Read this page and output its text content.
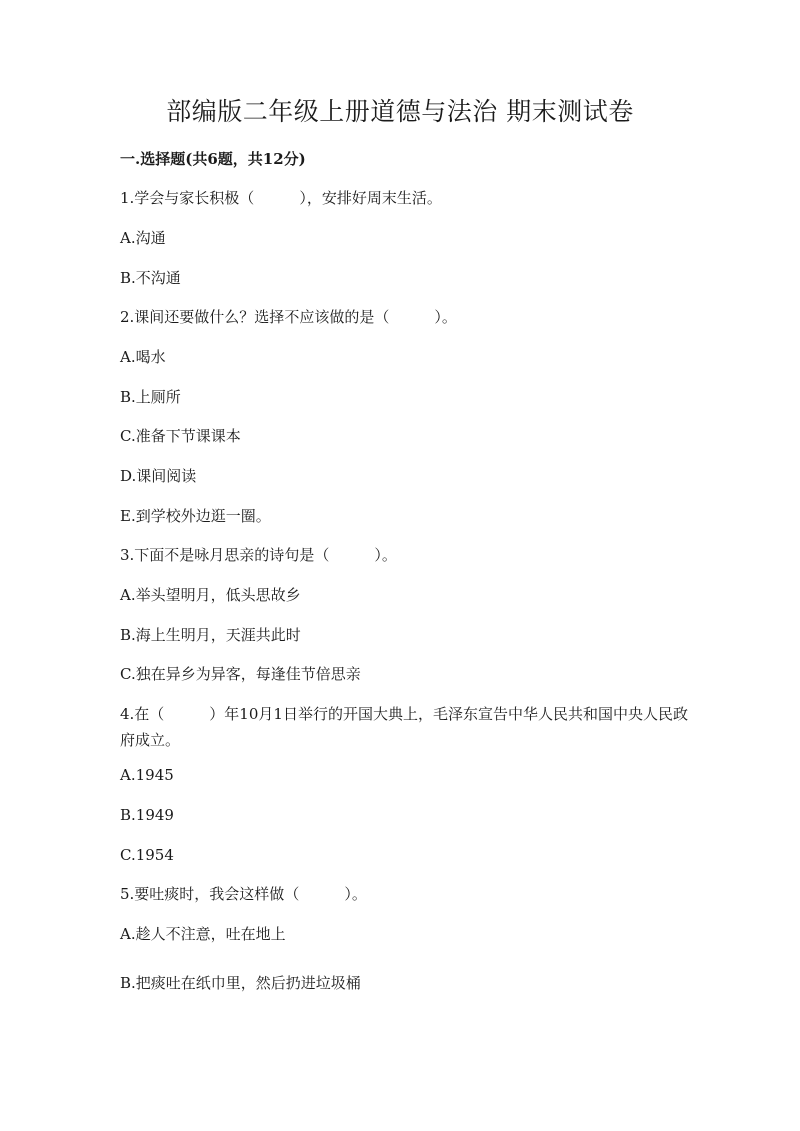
部编版二年级上册道德与法治 期末测试卷
一.选择题(共6题，共12分)
1.学会与家长积极（　　　），安排好周末生活。
A.沟通
B.不沟通
2.课间还要做什么？选择不应该做的是（　　　）。
A.喝水
B.上厕所
C.准备下节课课本
D.课间阅读
E.到学校外边逛一圈。
3.下面不是咏月思亲的诗句是（　　　）。
A.举头望明月，低头思故乡
B.海上生明月，天涯共此时
C.独在异乡为异客，每逢佳节倍思亲
4.在（　　　）年10月1日举行的开国大典上，毛泽东宣告中华人民共和国中央人民政府成立。
A.1945
B.1949
C.1954
5.要吐痰时，我会这样做（　　　）。
A.趁人不注意，吐在地上
B.把痰吐在纸巾里，然后扔进垃圾桶
